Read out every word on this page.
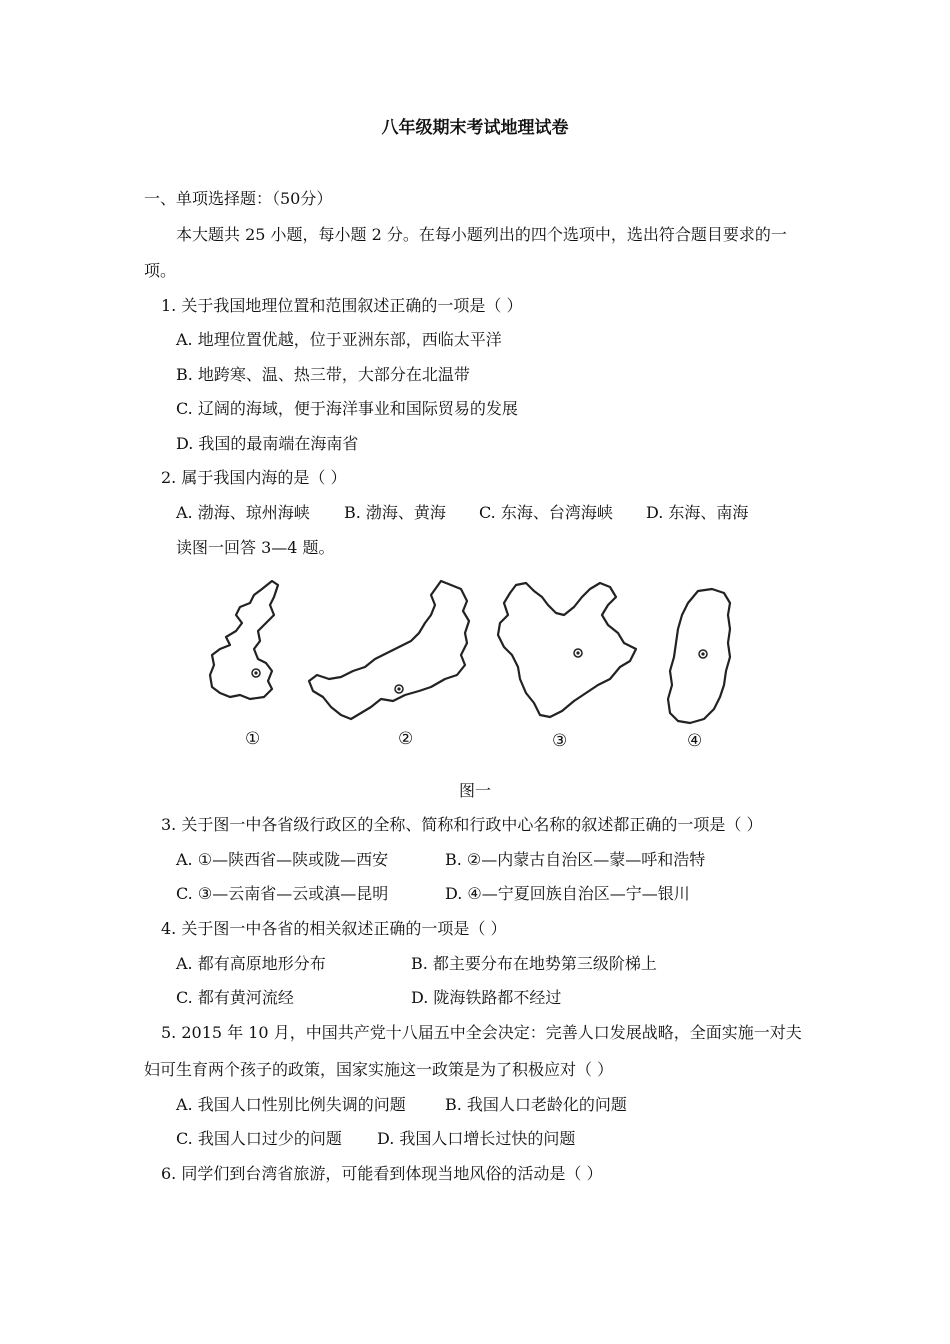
八年级期末考试地理试卷
一、单项选择题：（50分）
本大题共 25 小题，每小题 2 分。在每小题列出的四个选项中，选出符合题目要求的一
项。
1. 关于我国地理位置和范围叙述正确的一项是（ ）
A. 地理位置优越，位于亚洲东部，西临太平洋
B. 地跨寒、温、热三带，大部分在北温带
C. 辽阔的海域，便于海洋事业和国际贸易的发展
D. 我国的最南端在海南省
2. 属于我国内海的是（ ）
A. 渤海、琼州海峡 B. 渤海、黄海 C. 东海、台湾海峡 D. 东海、南海
读图一回答 3—4 题。
①	②	③	④
图一
3. 关于图一中各省级行政区的全称、简称和行政中心名称的叙述都正确的一项是（ ）
A. ①—陕西省—陕或陇—西安	B. ②—内蒙古自治区—蒙—呼和浩特
C. ③—云南省—云或滇—昆明	D. ④—宁夏回族自治区—宁—银川
4. 关于图一中各省的相关叙述正确的一项是（ ）
A. 都有高原地形分布	B. 都主要分布在地势第三级阶梯上
C. 都有黄河流经	D. 陇海铁路都不经过
5. 2015 年 10 月，中国共产党十八届五中全会决定：完善人口发展战略，全面实施一对夫
妇可生育两个孩子的政策，国家实施这一政策是为了积极应对（ ）
A. 我国人口性别比例失调的问题 B. 我国人口老龄化的问题
C. 我国人口过少的问题 D. 我国人口增长过快的问题
6. 同学们到台湾省旅游，可能看到体现当地风俗的活动是（ ）
